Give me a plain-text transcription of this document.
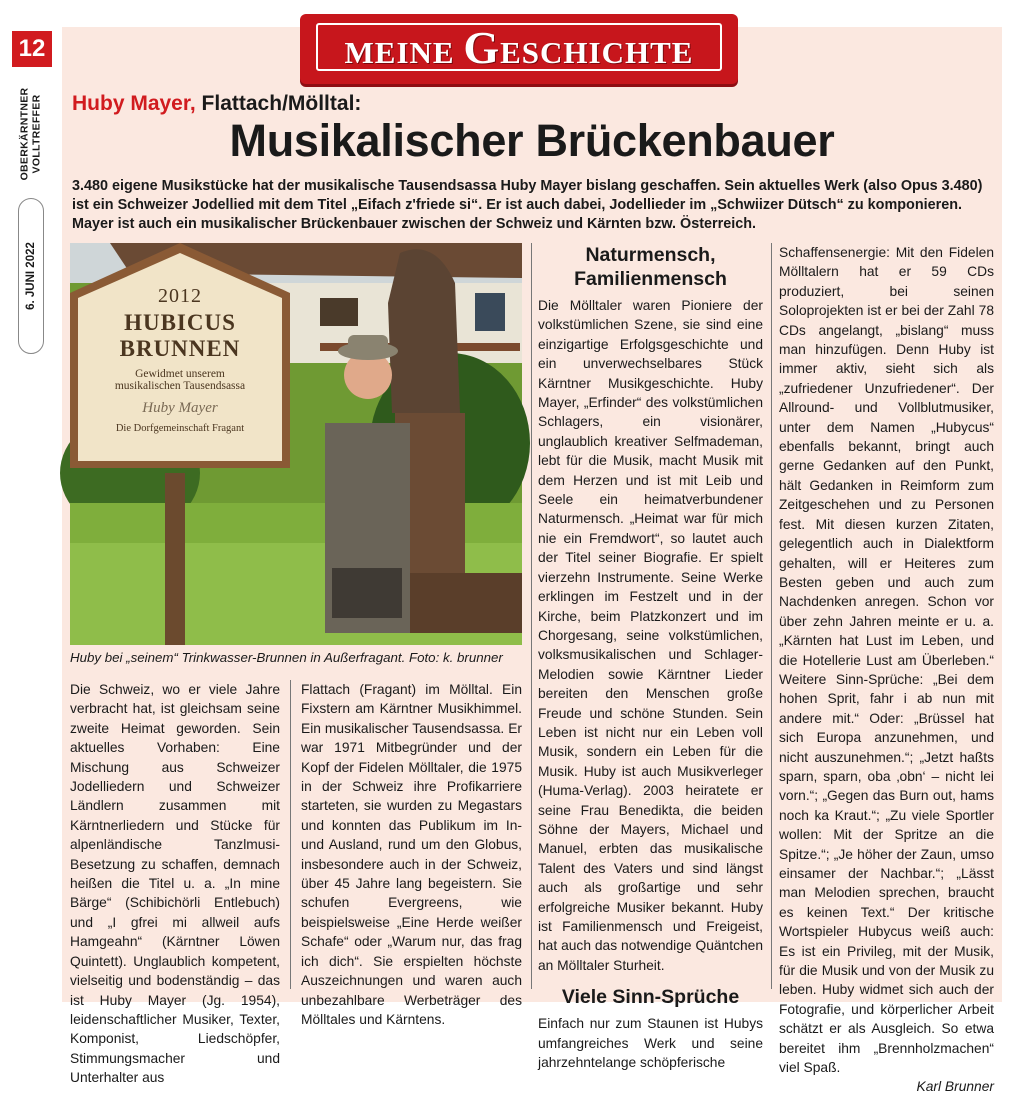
12
OBERKÄRNTNER VOLLTREFFER
6. JUNI 2022
MEINE GESCHICHTE
Huby Mayer, Flattach/Mölltal:
Musikalischer Brückenbauer
3.480 eigene Musikstücke hat der musikalische Tausendsassa Huby Mayer bislang geschaffen. Sein aktuelles Werk (also Opus 3.480)
ist ein Schweizer Jodellied mit dem Titel „Eifach z'friede si“. Er ist auch dabei, Jodellieder im „Schwiizer Dütsch“ zu komponieren.
Mayer ist auch ein musikalischer Brückenbauer zwischen der Schweiz und Kärnten bzw. Österreich.
2012
HUBICUS
BRUNNEN
Gewidmet unserem
musikalischen Tausendsassa
Huby Mayer
Die Dorfgemeinschaft Fragant
Huby bei „seinem“ Trinkwasser-Brunnen in Außerfragant. Foto: k. brunner

Die Schweiz, wo er viele Jahre verbracht hat, ist gleichsam seine zweite Heimat geworden. Sein aktuelles Vorhaben: Eine Mischung aus Schweizer Jodelliedern und Schweizer Ländlern zusammen mit Kärntnerliedern und Stücke für alpenländische Tanzlmusi-Besetzung zu schaffen, demnach heißen die Titel u. a. „In mine Bärge“ (Schibichörli Entlebuch) und „I gfrei mi allweil aufs Hamgeahn“ (Kärntner Löwen Quintett). Unglaublich kompetent, vielseitig und bodenständig – das ist Huby Mayer (Jg. 1954), leidenschaftlicher Musiker, Texter, Komponist, Liedschöpfer, Stimmungsmacher und Unterhalter aus

Flattach (Fragant) im Mölltal. Ein Fixstern am Kärntner Musikhimmel. Ein musikalischer Tausendsassa. Er war 1971 Mitbegründer und der Kopf der Fidelen Mölltaler, die 1975 in der Schweiz ihre Profikarriere starteten, sie wurden zu Megastars und konnten das Publikum im In- und Ausland, rund um den Globus, insbesondere auch in der Schweiz, über 45 Jahre lang begeistern. Sie schufen Evergreens, wie beispielsweise „Eine Herde weißer Schafe“ oder „Warum nur, das frag ich dich“. Sie erspielten höchste Auszeichnungen und waren auch unbezahlbare Werbeträger des Mölltales und Kärntens.

Naturmensch, Familienmensch

Die Mölltaler waren Pioniere der volkstümlichen Szene, sie sind eine einzigartige Erfolgsgeschichte und ein unverwechselbares Stück Kärntner Musikgeschichte. Huby Mayer, „Erfinder“ des volkstümlichen Schlagers, ein visionärer, unglaublich kreativer Selfmademan, lebt für die Musik, macht Musik mit dem Herzen und ist mit Leib und Seele ein heimatverbundener Naturmensch. „Heimat war für mich nie ein Fremdwort“, so lautet auch der Titel seiner Biografie. Er spielt vierzehn Instrumente. Seine Werke erklingen im Festzelt und in der Kirche, beim Platzkonzert und im Chorgesang, seine volkstümlichen, volksmusikalischen und Schlager-Melodien sowie Kärntner Lieder bereiten den Menschen große Freude und schöne Stunden. Sein Leben ist nicht nur ein Leben voll Musik, sondern ein Leben für die Musik. Huby ist auch Musikverleger (Huma-Verlag). 2003 heiratete er seine Frau Benedikta, die beiden Söhne der Mayers, Michael und Manuel, erbten das musikalische Talent des Vaters und sind längst auch als großartige und sehr erfolgreiche Musiker bekannt. Huby ist Familienmensch und Freigeist, hat auch das notwendige Quäntchen an Mölltaler Sturheit.

Viele Sinn-Sprüche

Einfach nur zum Staunen ist Hubys umfangreiches Werk und seine jahrzehntelange schöpferische

Schaffensenergie: Mit den Fidelen Mölltalern hat er 59 CDs produziert, bei seinen Soloprojekten ist er bei der Zahl 78 CDs angelangt, „bislang“ muss man hinzufügen. Denn Huby ist immer aktiv, sieht sich als „zufriedener Unzufriedener“. Der Allround- und Vollblutmusiker, unter dem Namen „Hubycus“ ebenfalls bekannt, bringt auch gerne Gedanken auf den Punkt, hält Gedanken in Reimform zum Zeitgeschehen und zu Personen fest. Mit diesen kurzen Zitaten, gelegentlich auch in Dialektform gehalten, will er Heiteres zum Besten geben und auch zum Nachdenken anregen. Schon vor über zehn Jahren meinte er u. a. „Kärnten hat Lust im Leben, und die Hotellerie Lust am Überleben.“ Weitere Sinn-Sprüche: „Bei dem hohen Sprit, fahr i ab nun mit andere mit.“ Oder: „Brüssel hat sich Europa anzunehmen, und nicht auszunehmen.“; „Jetzt haßts sparn, sparn, oba ‚obn‘ – nicht lei vorn.“; „Gegen das Burn out, hams noch ka Kraut.“; „Zu viele Sportler wollen: Mit der Spritze an die Spitze.“; „Je höher der Zaun, umso einsamer der Nachbar.“; „Lässt man Melodien sprechen, braucht es keinen Text.“ Der kritische Wortspieler Hubycus weiß auch: Es ist ein Privileg, mit der Musik, für die Musik und von der Musik zu leben. Huby widmet sich auch der Fotografie, und körperlicher Arbeit schätzt er als Ausgleich. So etwa bereitet ihm „Brennholzmachen“ viel Spaß.

Karl Brunner
